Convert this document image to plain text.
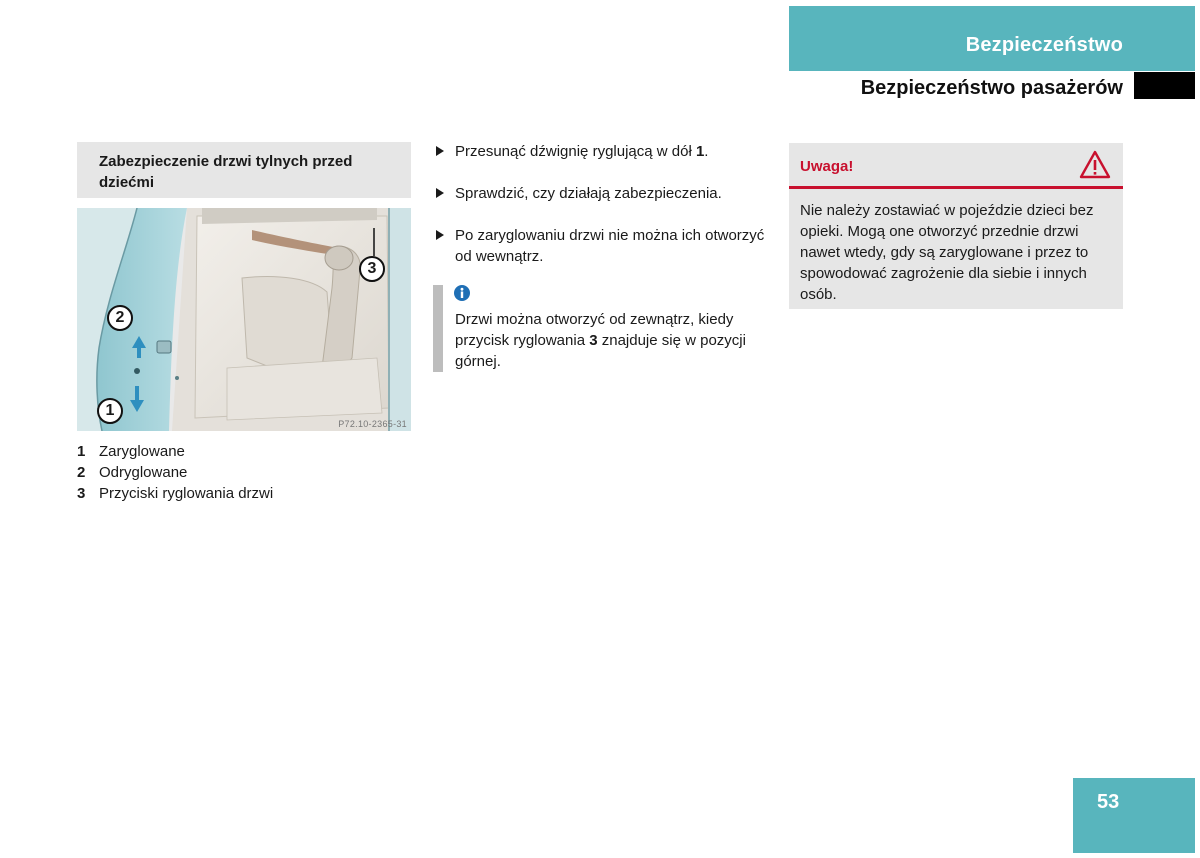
Bezpieczeństwo
Bezpieczeństwo pasażerów
Zabezpieczenie drzwi tylnych przed dziećmi
1
2
3
P72.10-2365-31
1 Zaryglowane
2 Odryglowane
3 Przyciski ryglowania drzwi
Przesunąć dźwignię ryglującą w dół 1.
Sprawdzić, czy działają zabezpieczenia.
Po zaryglowaniu drzwi nie można ich otworzyć od wewnątrz.
Drzwi można otworzyć od zewnątrz, kiedy przycisk ryglowania 3 znajduje się w pozycji górnej.
Uwaga!
Nie należy zostawiać w pojeździe dzieci bez opieki. Mogą one otworzyć przednie drzwi nawet wtedy, gdy są zaryglowane i przez to spowodować zagrożenie dla siebie i innych osób.
53
